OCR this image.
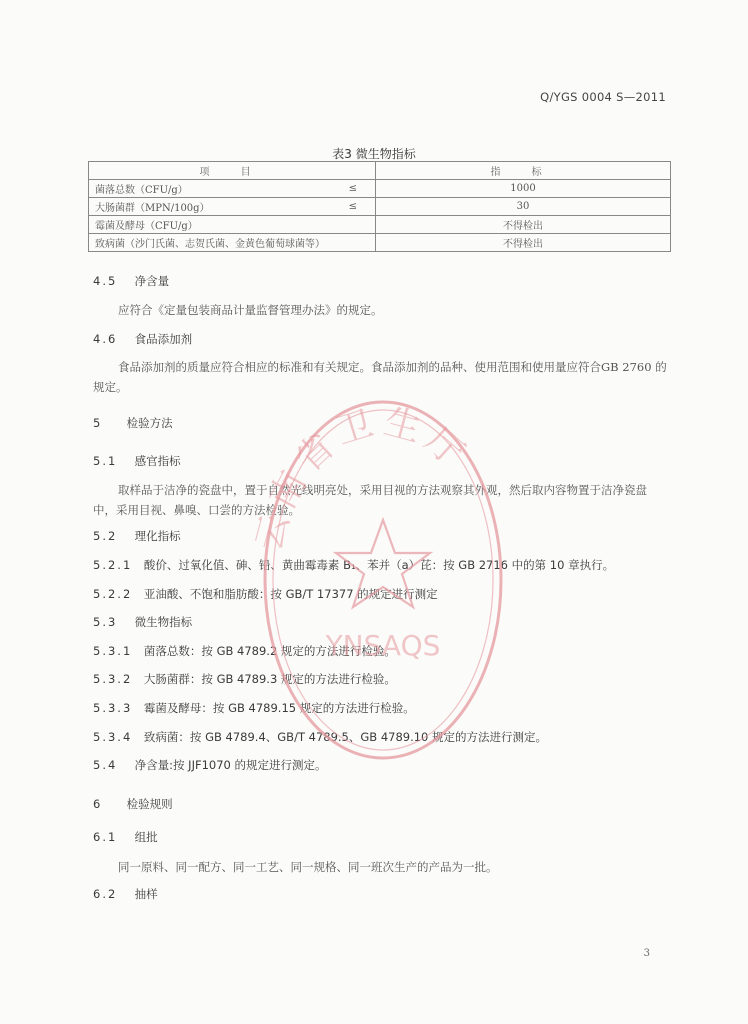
Q/YGS 0004 S—2011
表3 微生物指标
项 目		指 标
菌落总数（CFU/g）	≤	1000
大肠菌群（MPN/100g）	≤	30
霉菌及酵母（CFU/g）		不得检出
致病菌（沙门氏菌、志贺氏菌、金黄色葡萄球菌等）		不得检出
4.5 净含量
应符合《定量包装商品计量监督管理办法》的规定。
4.6 食品添加剂
食品添加剂的质量应符合相应的标准和有关规定。食品添加剂的品种、使用范围和使用量应符合GB 2760 的规定。
5 检验方法
5.1 感官指标
取样品于洁净的瓷盘中，置于自然光线明亮处，采用目视的方法观察其外观，然后取内容物置于洁净瓷盘中，采用目视、鼻嗅、口尝的方法检验。
5.2 理化指标
5.2.1 酸价、过氧化值、砷、铅、黄曲霉毒素 B₁、苯并（a）芘：按 GB 2716 中的第 10 章执行。
5.2.2 亚油酸、不饱和脂肪酸：按 GB/T 17377 的规定进行测定
5.3 微生物指标
5.3.1 菌落总数：按 GB 4789.2 规定的方法进行检验。
5.3.2 大肠菌群：按 GB 4789.3 规定的方法进行检验。
5.3.3 霉菌及酵母：按 GB 4789.15 规定的方法进行检验。
5.3.4 致病菌：按 GB 4789.4、GB/T 4789.5、GB 4789.10 规定的方法进行测定。
5.4 净含量:按 JJF1070 的规定进行测定。
6 检验规则
6.1 组批
同一原料、同一配方、同一工艺、同一规格、同一班次生产的产品为一批。
6.2 抽样
3
云南省卫生厅
YNSAQS
